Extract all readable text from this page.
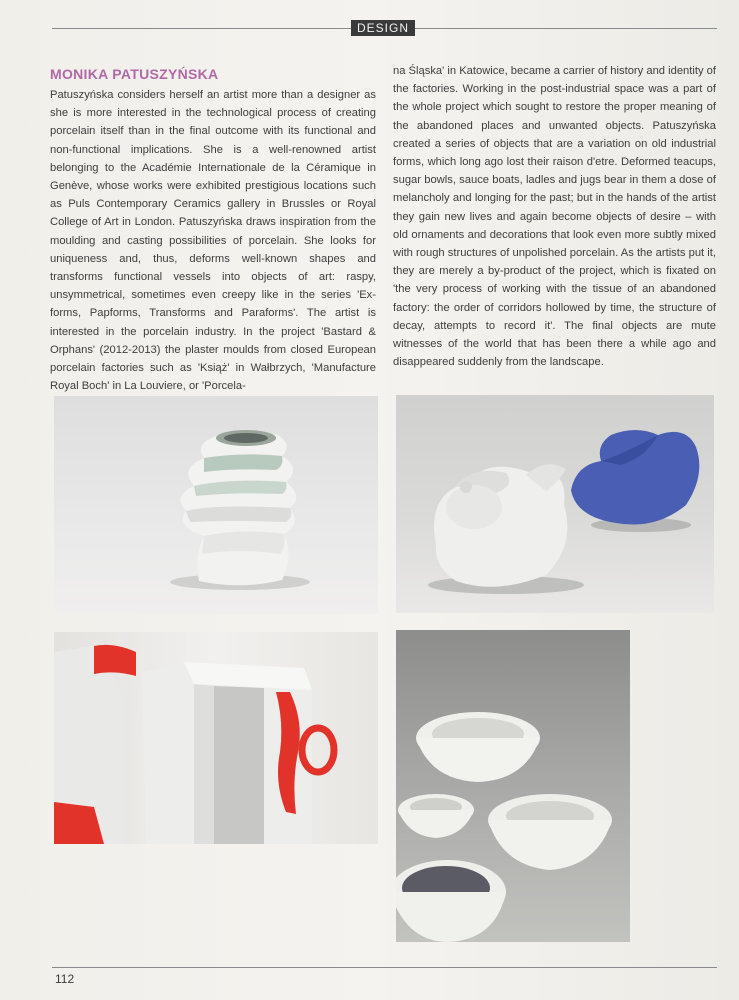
DESIGN
MONIKA PATUSZYŃSKA

Patuszyńska considers herself an artist more than a designer as she is more interested in the technological process of creating porcelain itself than in the final outcome with its functional and non-functional implications. She is a well-renowned artist belonging to the Académie Internationale de la Céramique in Genève, whose works were exhibited prestigious locations such as Puls Contemporary Ceramics gallery in Brussles or Royal College of Art in London. Patuszyńska draws inspiration from the moulding and casting possibilities of porcelain. She looks for uniqueness and, thus, deforms well-known shapes and transforms functional vessels into objects of art: raspy, unsymmetrical, sometimes even creepy like in the series 'Ex-forms, Papforms, Transforms and Paraforms'. The artist is interested in the porcelain industry. In the project 'Bastard & Orphans' (2012-2013) the plaster moulds from closed European porcelain factories such as 'Książ' in Wałbrzych, 'Manufacture Royal Boch' in La Louviere, or 'Porcela-

na Śląska' in Katowice, became a carrier of history and identity of the factories. Working in the post-industrial space was a part of the whole project which sought to restore the proper meaning of the abandoned places and unwanted objects. Patuszyńska created a series of objects that are a variation on old industrial forms, which long ago lost their raison d'etre. Deformed teacups, sugar bowls, sauce boats, ladles and jugs bear in them a dose of melancholy and longing for the past; but in the hands of the artist they gain new lives and again become objects of desire – with old ornaments and decorations that look even more subtly mixed with rough structures of unpolished porcelain. As the artists put it, they are merely a by-product of the project, which is fixated on 'the very process of working with the tissue of an abandoned factory: the order of corridors hollowed by time, the structure of decay, attempts to record it'. The final objects are mute witnesses of the world that has been there a while ago and disappeared suddenly from the landscape.

112
